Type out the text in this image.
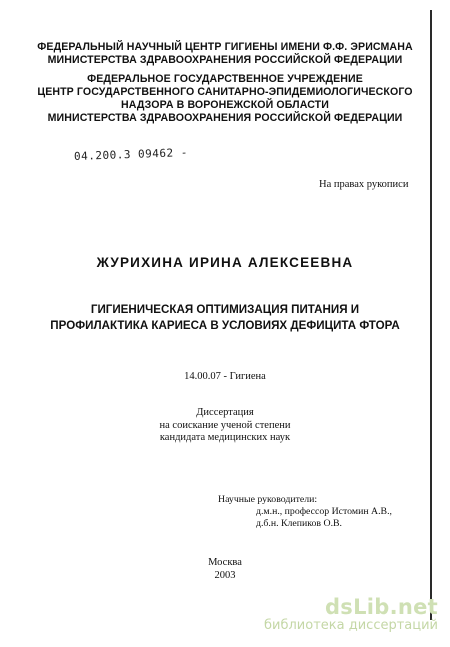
ФЕДЕРАЛЬНЫЙ НАУЧНЫЙ ЦЕНТР ГИГИЕНЫ ИМЕНИ Ф.Ф. ЭРИСМАНА
МИНИСТЕРСТВА ЗДРАВООХРАНЕНИЯ РОССИЙСКОЙ ФЕДЕРАЦИИ
ФЕДЕРАЛЬНОЕ ГОСУДАРСТВЕННОЕ УЧРЕЖДЕНИЕ
ЦЕНТР ГОСУДАРСТВЕННОГО САНИТАРНО-ЭПИДЕМИОЛОГИЧЕСКОГО
НАДЗОРА В ВОРОНЕЖСКОЙ ОБЛАСТИ
МИНИСТЕРСТВА ЗДРАВООХРАНЕНИЯ РОССИЙСКОЙ ФЕДЕРАЦИИ
04.200.3 09462 -
На правах рукописи
ЖУРИХИНА ИРИНА АЛЕКСЕЕВНА
ГИГИЕНИЧЕСКАЯ ОПТИМИЗАЦИЯ ПИТАНИЯ И
ПРОФИЛАКТИКА КАРИЕСА В УСЛОВИЯХ ДЕФИЦИТА ФТОРА
14.00.07 - Гигиена
Диссертация
на соискание ученой степени
кандидата медицинских наук
Научные руководители:
д.м.н., профессор Истомин А.В.,
д.б.н. Клепиков О.В.
Москва
2003
dsLib.net
библиотека диссертаций
